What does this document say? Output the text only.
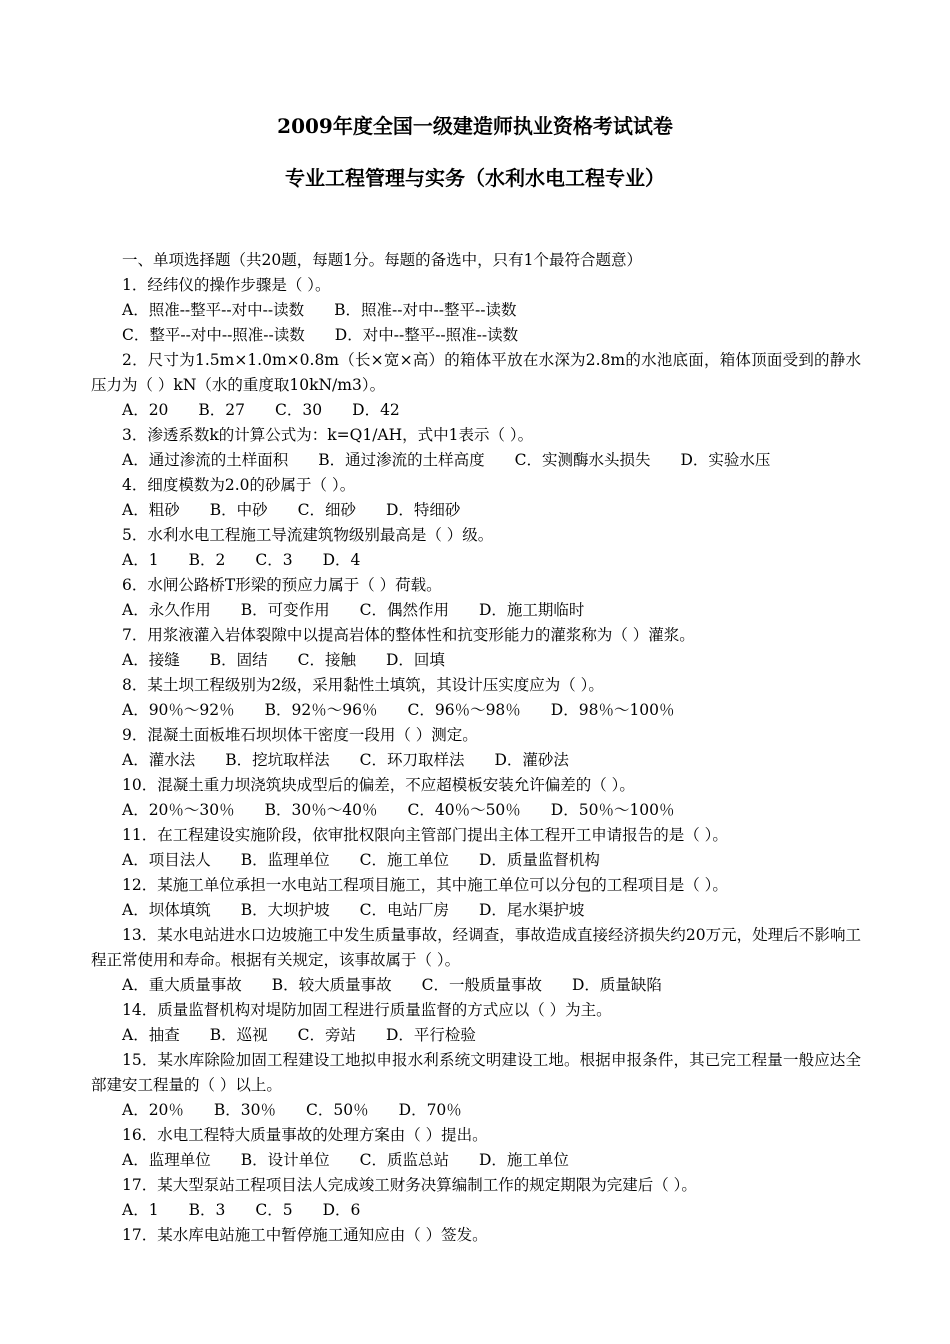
2009年度全国一级建造师执业资格考试试卷
专业工程管理与实务（水利水电工程专业）
一、单项选择题（共20题，每题1分。每题的备选中，只有1个最符合题意）
1．经纬仪的操作步骤是（ ）。
A．照准--整平--对中--读数 B．照准--对中--整平--读数
C．整平--对中--照准--读数 D．对中--整平--照准--读数
2．尺寸为1.5m×1.0m×0.8m（长×宽×高）的箱体平放在水深为2.8m的水池底面，箱体顶面受到的静水压力为（ ）kN（水的重度取10kN/m3）。
A．20 B．27 C．30 D．42
3．渗透系数k的计算公式为：k=Q1/AH，式中1表示（ ）。
A．通过渗流的土样面积 B．通过渗流的土样高度 C．实测酶水头损失 D．实验水压
4．细度模数为2.0的砂属于（ ）。
A．粗砂 B．中砂 C．细砂 D．特细砂
5．水利水电工程施工导流建筑物级别最高是（ ）级。
A．1 B．2 C．3 D．4
6．水闸公路桥T形梁的预应力属于（ ）荷载。
A．永久作用 B．可变作用 C．偶然作用 D．施工期临时
7．用浆液灌入岩体裂隙中以提高岩体的整体性和抗变形能力的灌浆称为（ ）灌浆。
A．接缝 B．固结 C．接触 D．回填
8．某土坝工程级别为2级，采用黏性土填筑，其设计压实度应为（ ）。
A．90％～92％ B．92％～96％ C．96％～98％ D．98％～100％
9．混凝土面板堆石坝坝体干密度一段用（ ）测定。
A．灌水法 B．挖坑取样法 C．环刀取样法 D．灌砂法
10．混凝土重力坝浇筑块成型后的偏差，不应超模板安装允许偏差的（ ）。
A．20％～30％ B．30％～40％ C．40％～50％ D．50％～100％
11．在工程建设实施阶段，依审批权限向主管部门提出主体工程开工申请报告的是（ ）。
A．项目法人 B．监理单位 C．施工单位 D．质量监督机构
12．某施工单位承担一水电站工程项目施工，其中施工单位可以分包的工程项目是（ ）。
A．坝体填筑 B．大坝护坡 C．电站厂房 D．尾水渠护坡
13．某水电站进水口边坡施工中发生质量事故，经调查，事故造成直接经济损失约20万元，处理后不影响工程正常使用和寿命。根据有关规定，该事故属于（ ）。
A．重大质量事故 B．较大质量事故 C．一般质量事故 D．质量缺陷
14．质量监督机构对堤防加固工程进行质量监督的方式应以（ ）为主。
A．抽查 B．巡视 C．旁站 D．平行检验
15．某水库除险加固工程建设工地拟申报水利系统文明建设工地。根据申报条件，其已完工程量一般应达全部建安工程量的（ ）以上。
A．20％ B．30％ C．50％ D．70％
16．水电工程特大质量事故的处理方案由（ ）提出。
A．监理单位 B．设计单位 C．质监总站 D．施工单位
17．某大型泵站工程项目法人完成竣工财务决算编制工作的规定期限为完建后（ ）。
A．1 B．3 C．5 D．6
17．某水库电站施工中暂停施工通知应由（ ）签发。
